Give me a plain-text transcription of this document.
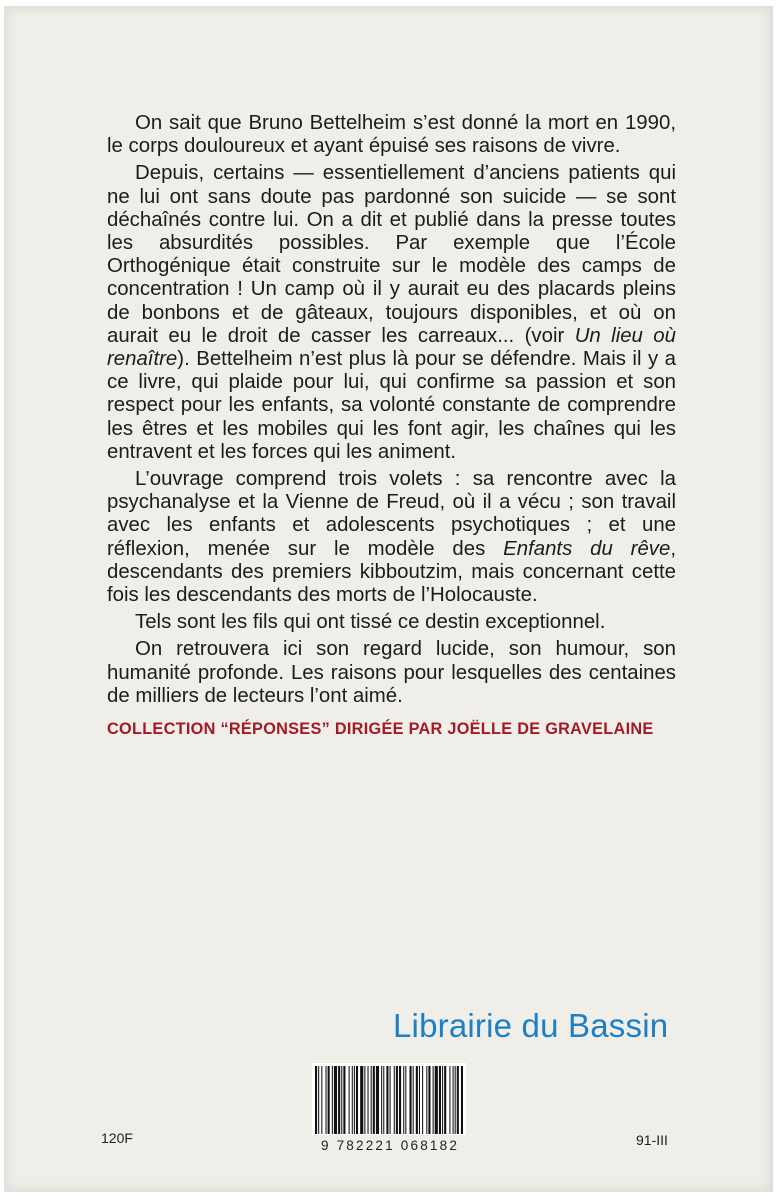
On sait que Bruno Bettelheim s’est donné la mort en 1990, le corps douloureux et ayant épuisé ses raisons de vivre.

Depuis, certains — essentiellement d’anciens patients qui ne lui ont sans doute pas pardonné son suicide — se sont déchaînés contre lui. On a dit et publié dans la presse toutes les absurdités possibles. Par exemple que l’École Orthogénique était construite sur le modèle des camps de concentration ! Un camp où il y aurait eu des placards pleins de bonbons et de gâteaux, toujours disponibles, et où on aurait eu le droit de casser les carreaux... (voir Un lieu où renaître). Bettelheim n’est plus là pour se défendre. Mais il y a ce livre, qui plaide pour lui, qui confirme sa passion et son respect pour les enfants, sa volonté constante de comprendre les êtres et les mobiles qui les font agir, les chaînes qui les entravent et les forces qui les animent.

L’ouvrage comprend trois volets : sa rencontre avec la psychanalyse et la Vienne de Freud, où il a vécu ; son travail avec les enfants et adolescents psychotiques ; et une réflexion, menée sur le modèle des Enfants du rêve, descendants des premiers kibboutzim, mais concernant cette fois les descendants des morts de l’Holocauste.

Tels sont les fils qui ont tissé ce destin exceptionnel.

On retrouvera ici son regard lucide, son humour, son humanité profonde. Les raisons pour lesquelles des centaines de milliers de lecteurs l’ont aimé.

COLLECTION “RÉPONSES” DIRIGÉE PAR JOËLLE DE GRAVELAINE
Librairie du Bassin
9 782221 068182
120F	91-III
